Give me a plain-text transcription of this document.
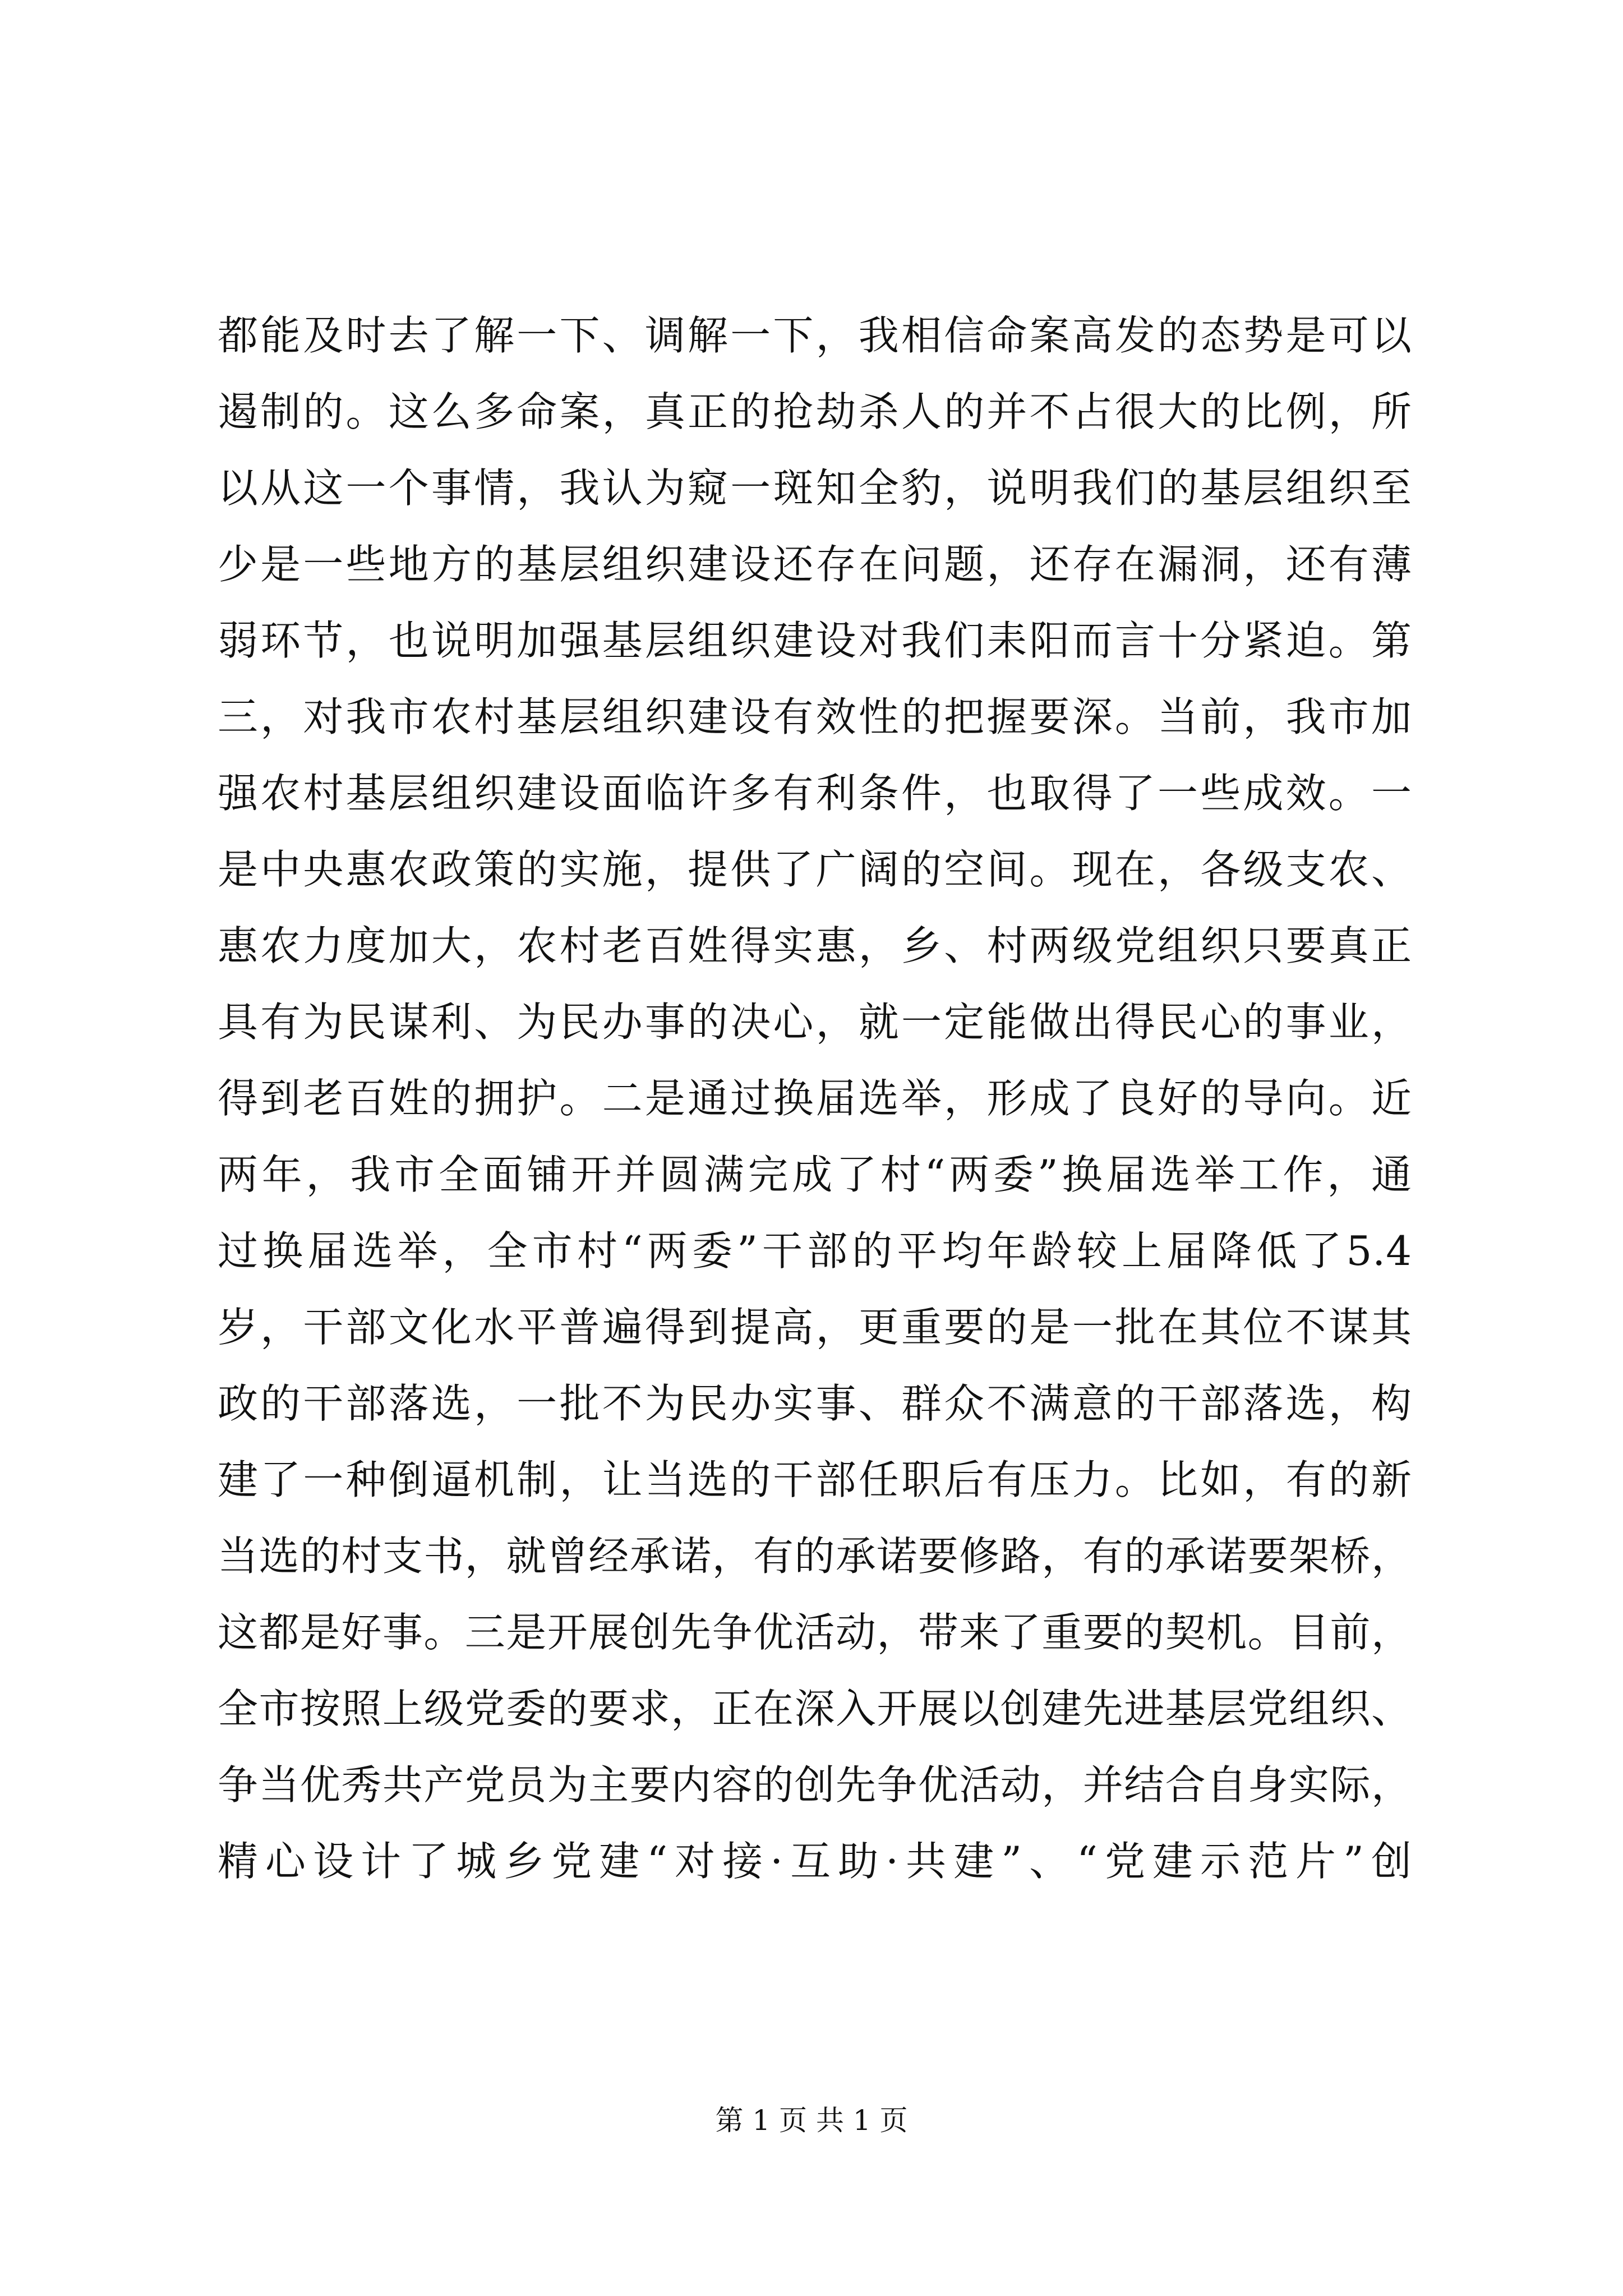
都能及时去了解一下、调解一下，我相信命案高发的态势是可以
遏制的。这么多命案，真正的抢劫杀人的并不占很大的比例，所
以从这一个事情，我认为窥一斑知全豹，说明我们的基层组织至
少是一些地方的基层组织建设还存在问题，还存在漏洞，还有薄
弱环节，也说明加强基层组织建设对我们耒阳而言十分紧迫。第
三，对我市农村基层组织建设有效性的把握要深。当前，我市加
强农村基层组织建设面临许多有利条件，也取得了一些成效。一
是中央惠农政策的实施，提供了广阔的空间。现在，各级支农、
惠农力度加大，农村老百姓得实惠，乡、村两级党组织只要真正
具有为民谋利、为民办事的决心，就一定能做出得民心的事业，
得到老百姓的拥护。二是通过换届选举，形成了良好的导向。近
两年，我市全面铺开并圆满完成了村“两委”换届选举工作，通
过换届选举，全市村“两委”干部的平均年龄较上届降低了5.4
岁，干部文化水平普遍得到提高，更重要的是一批在其位不谋其
政的干部落选，一批不为民办实事、群众不满意的干部落选，构
建了一种倒逼机制，让当选的干部任职后有压力。比如，有的新
当选的村支书，就曾经承诺，有的承诺要修路，有的承诺要架桥，
这都是好事。三是开展创先争优活动，带来了重要的契机。目前，
全市按照上级党委的要求，正在深入开展以创建先进基层党组织、
争当优秀共产党员为主要内容的创先争优活动，并结合自身实际，
精心设计了城乡党建“对接·互助·共建”、“党建示范片”创
第 1 页 共 1 页
